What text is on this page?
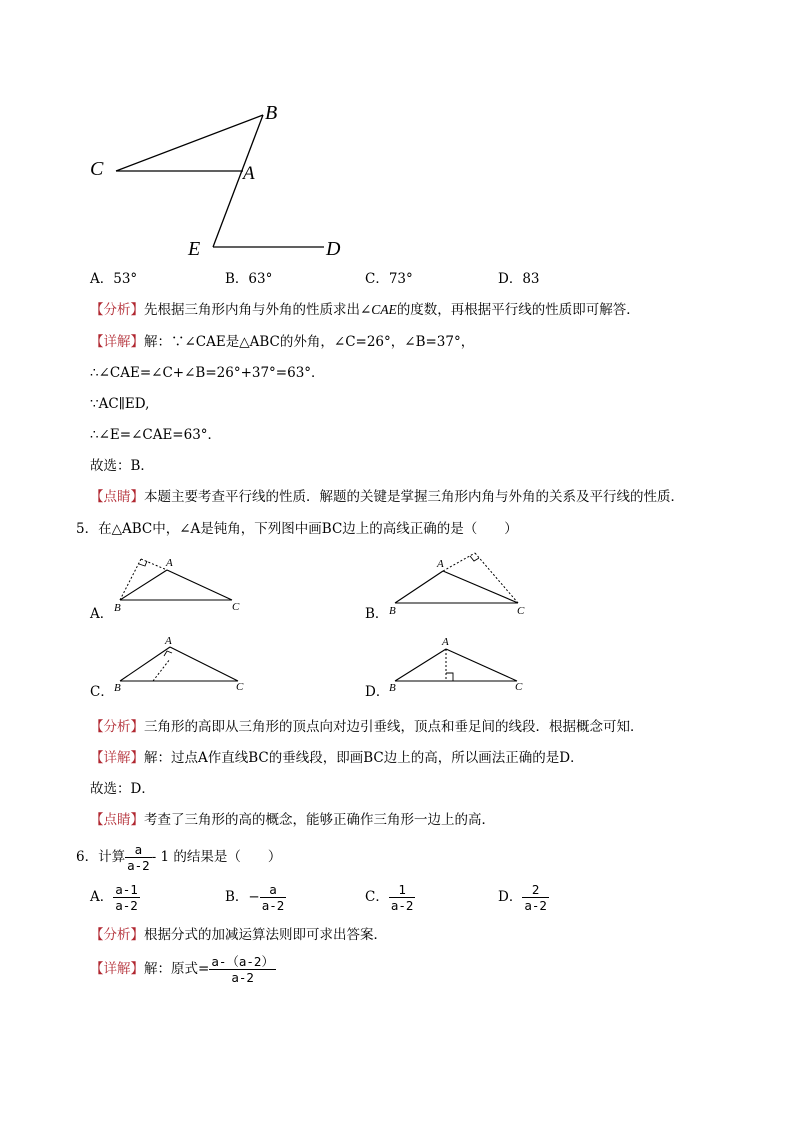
B
C	A
E	D
A．53°	B．63°	C．73°	D．83
【分析】先根据三角形内角与外角的性质求出∠CAE的度数，再根据平行线的性质即可解答．
【详解】解：∵∠CAE是△ABC的外角，∠C=26°，∠B=37°，
∴∠CAE=∠C+∠B=26°+37°=63°．
∵AC∥ED,
∴∠E=∠CAE=63°．
故选：B．
【点睛】本题主要考查平行线的性质．解题的关键是掌握三角形内角与外角的关系及平行线的性质．
5．在△ABC中，∠A是钝角，下列图中画BC边上的高线正确的是（　　）
A．
A
B	C	B．
A
B	C
C．
A
B	C	D．
A
B	C
【分析】三角形的高即从三角形的顶点向对边引垂线，顶点和垂足间的线段．根据概念可知．
【详解】解：过点A作直线BC的垂线段，即画BC边上的高，所以画法正确的是D．
故选：D．
【点睛】考查了三角形的高的概念，能够正确作三角形一边上的高．
6．计算 $\frac{a}{a-2} - 1$ 的结果是（　　）
A． $\frac{a-1}{a-2}$	B．− $\frac{a}{a-2}$	C． $\frac{1}{a-2}$	D． $\frac{2}{a-2}$
【分析】根据分式的加减运算法则即可求出答案．
【详解】解：原式= $\frac{a-(a-2)}{a-2}$
